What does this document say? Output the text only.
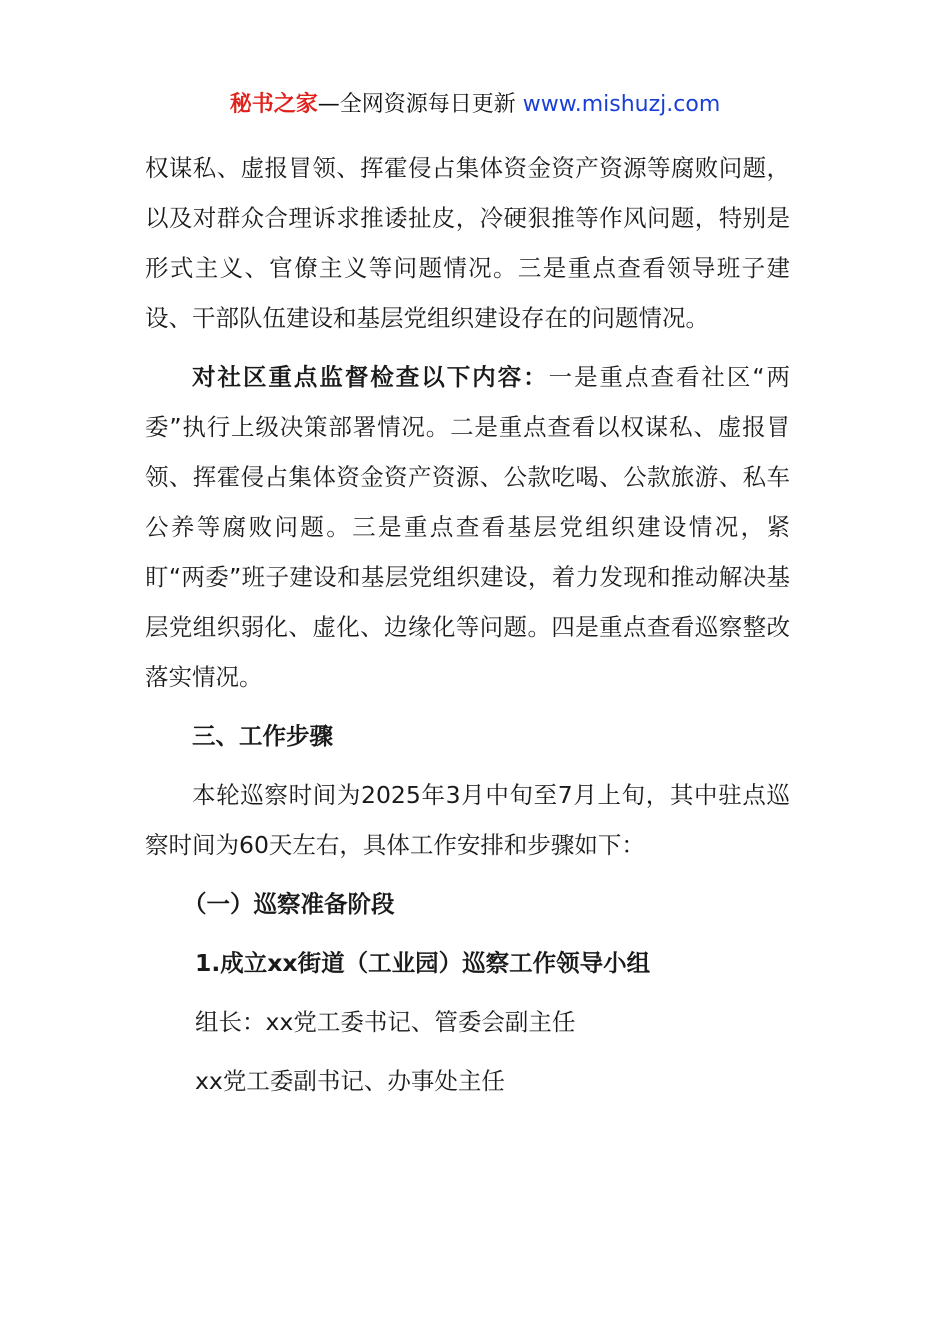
秘书之家—全网资源每日更新 www.mishuzj.com

权谋私、虚报冒领、挥霍侵占集体资金资产资源等腐败问题，以及对群众合理诉求推诿扯皮，冷硬狠推等作风问题，特别是形式主义、官僚主义等问题情况。三是重点查看领导班子建设、干部队伍建设和基层党组织建设存在的问题情况。

对社区重点监督检查以下内容：一是重点查看社区“两委”执行上级决策部署情况。二是重点查看以权谋私、虚报冒领、挥霍侵占集体资金资产资源、公款吃喝、公款旅游、私车公养等腐败问题。三是重点查看基层党组织建设情况，紧盯“两委”班子建设和基层党组织建设，着力发现和推动解决基层党组织弱化、虚化、边缘化等问题。四是重点查看巡察整改落实情况。

三、工作步骤

本轮巡察时间为2025年3月中旬至7月上旬，其中驻点巡察时间为60天左右，具体工作安排和步骤如下：

（一）巡察准备阶段

1.成立xx街道（工业园）巡察工作领导小组

组长：xx党工委书记、管委会副主任

xx党工委副书记、办事处主任
